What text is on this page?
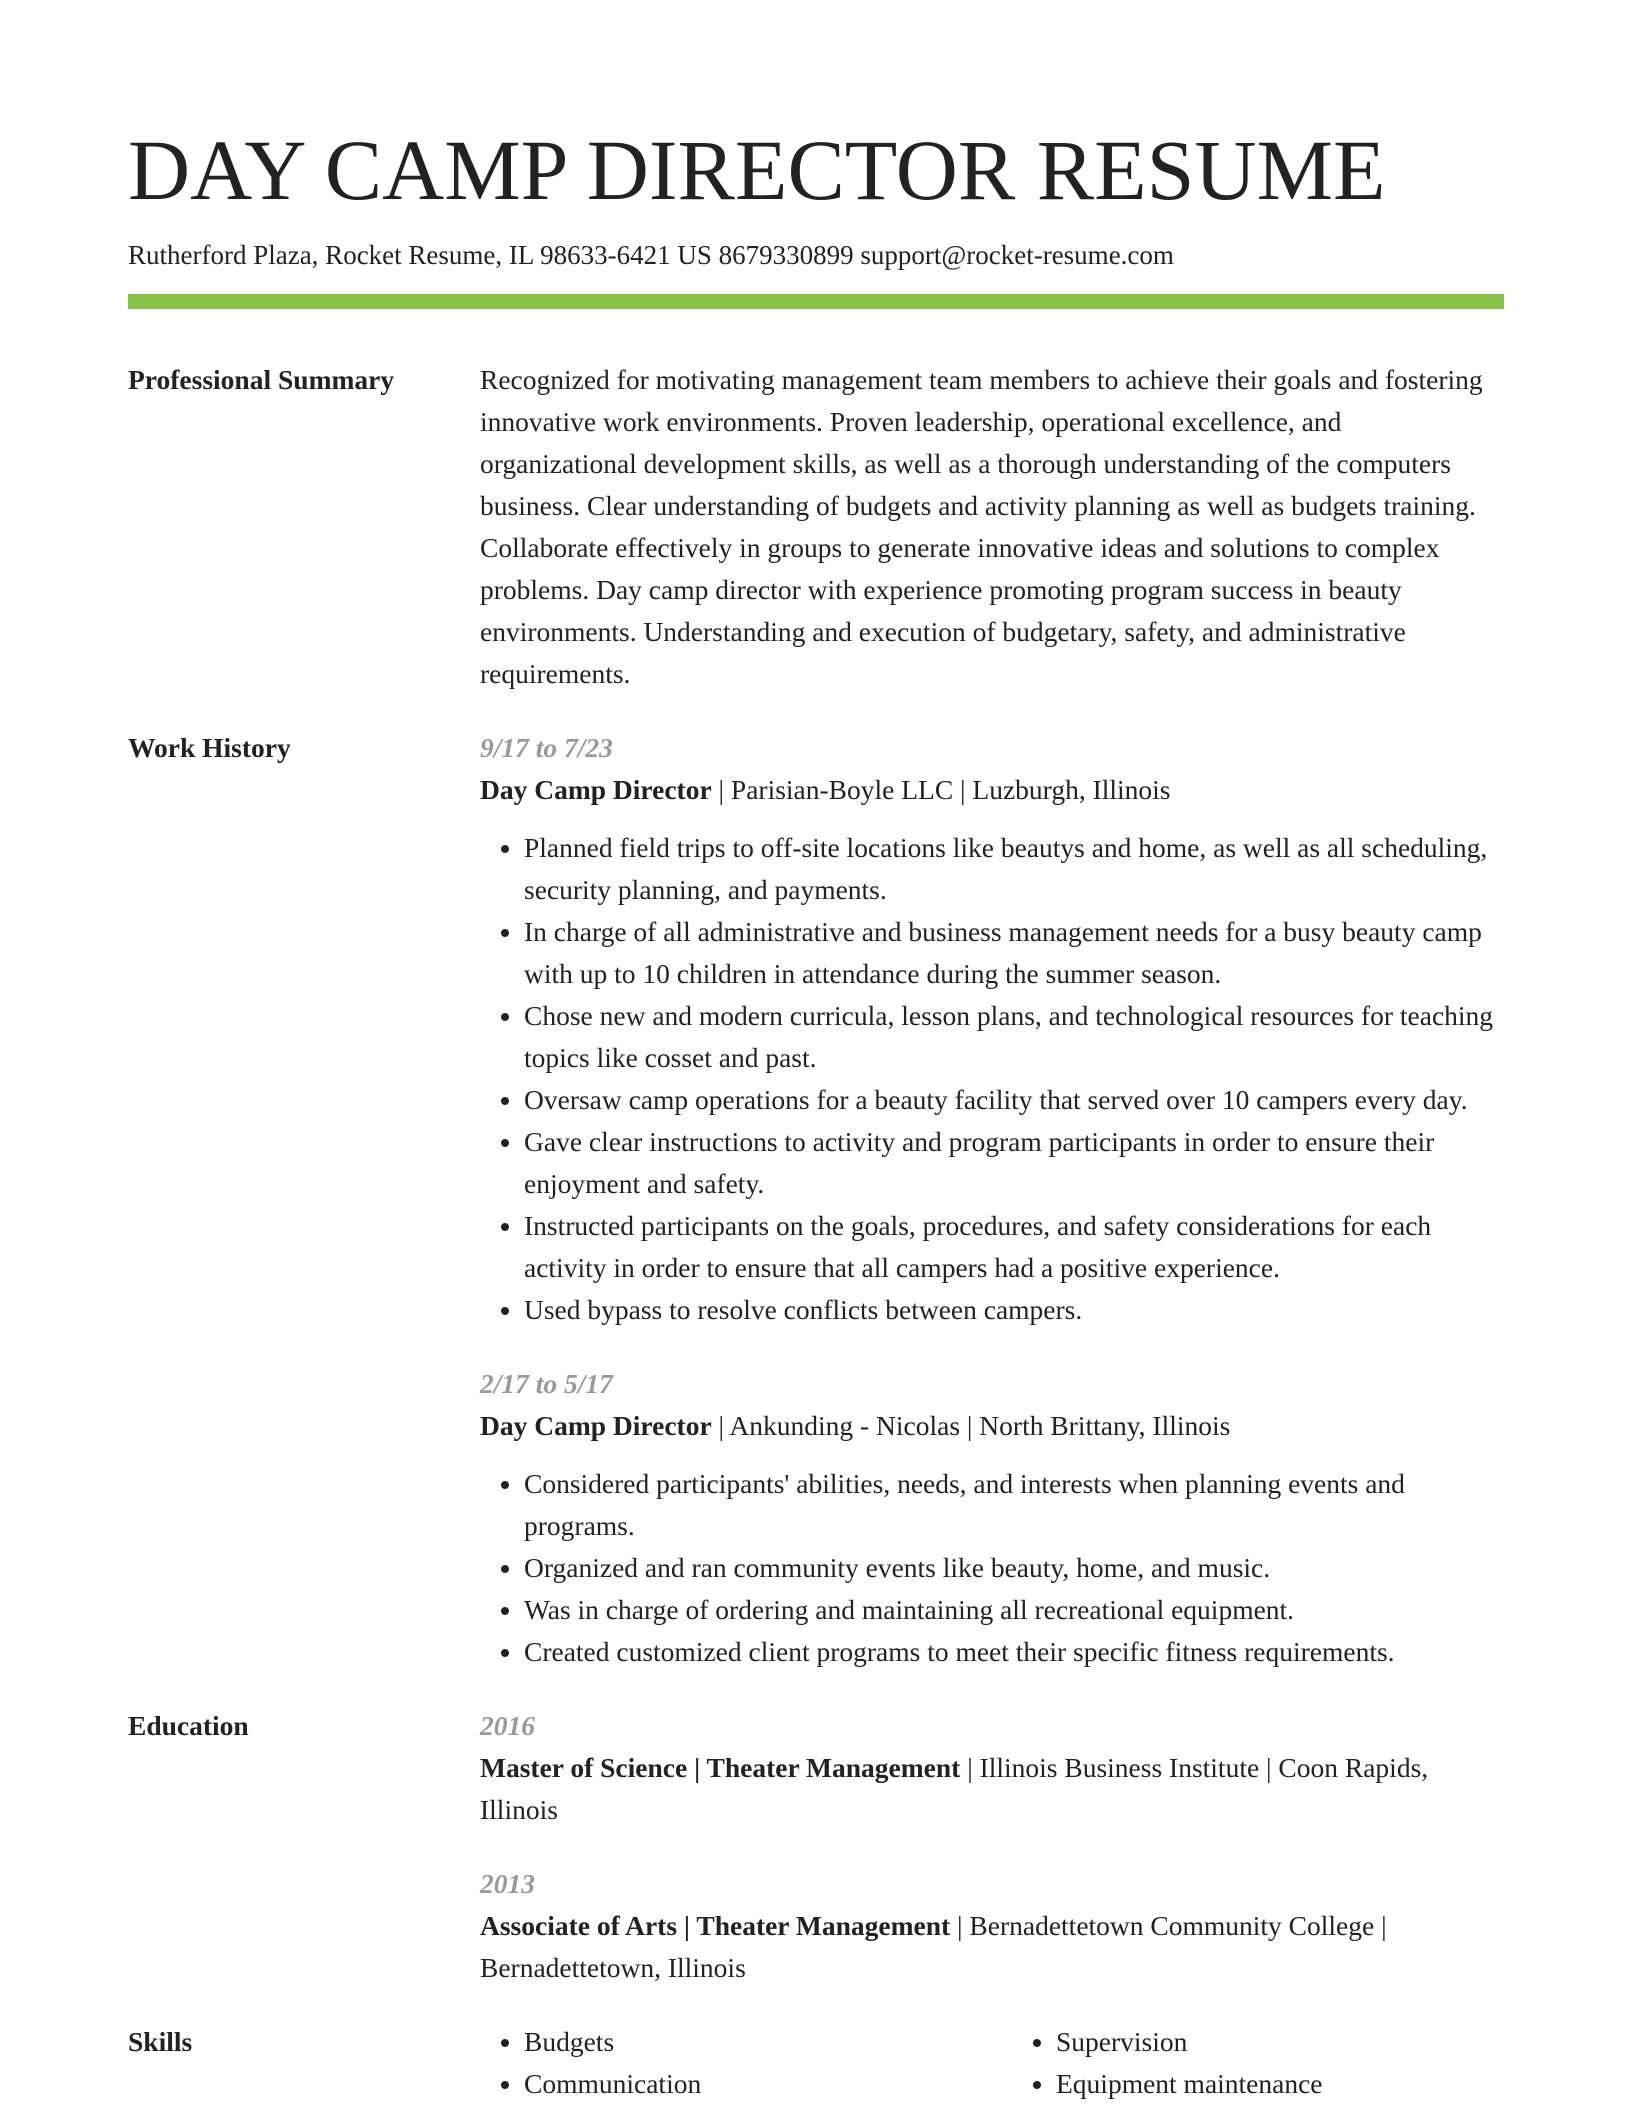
DAY CAMP DIRECTOR RESUME
Rutherford Plaza, Rocket Resume, IL 98633-6421 US 8679330899 support@rocket-resume.com
Professional Summary	Recognized for motivating management team members to achieve their goals and fostering innovative work environments. Proven leadership, operational excellence, and organizational development skills, as well as a thorough understanding of the computers business. Clear understanding of budgets and activity planning as well as budgets training. Collaborate effectively in groups to generate innovative ideas and solutions to complex problems. Day camp director with experience promoting program success in beauty environments. Understanding and execution of budgetary, safety, and administrative requirements.

Work History	9/17 to 7/23
Day Camp Director | Parisian-Boyle LLC | Luzburgh, Illinois
• Planned field trips to off-site locations like beautys and home, as well as all scheduling, security planning, and payments.
• In charge of all administrative and business management needs for a busy beauty camp with up to 10 children in attendance during the summer season.
• Chose new and modern curricula, lesson plans, and technological resources for teaching topics like cosset and past.
• Oversaw camp operations for a beauty facility that served over 10 campers every day.
• Gave clear instructions to activity and program participants in order to ensure their enjoyment and safety.
• Instructed participants on the goals, procedures, and safety considerations for each activity in order to ensure that all campers had a positive experience.
• Used bypass to resolve conflicts between campers.
2/17 to 5/17
Day Camp Director | Ankunding - Nicolas | North Brittany, Illinois
• Considered participants' abilities, needs, and interests when planning events and programs.
• Organized and ran community events like beauty, home, and music.
• Was in charge of ordering and maintaining all recreational equipment.
• Created customized client programs to meet their specific fitness requirements.
Education	2016
Master of Science | Theater Management | Illinois Business Institute | Coon Rapids, Illinois
2013
Associate of Arts | Theater Management | Bernadettetown Community College | Bernadettetown, Illinois
Skills
•	Budgets
• Communication
• Supervision
• Equipment maintenance
